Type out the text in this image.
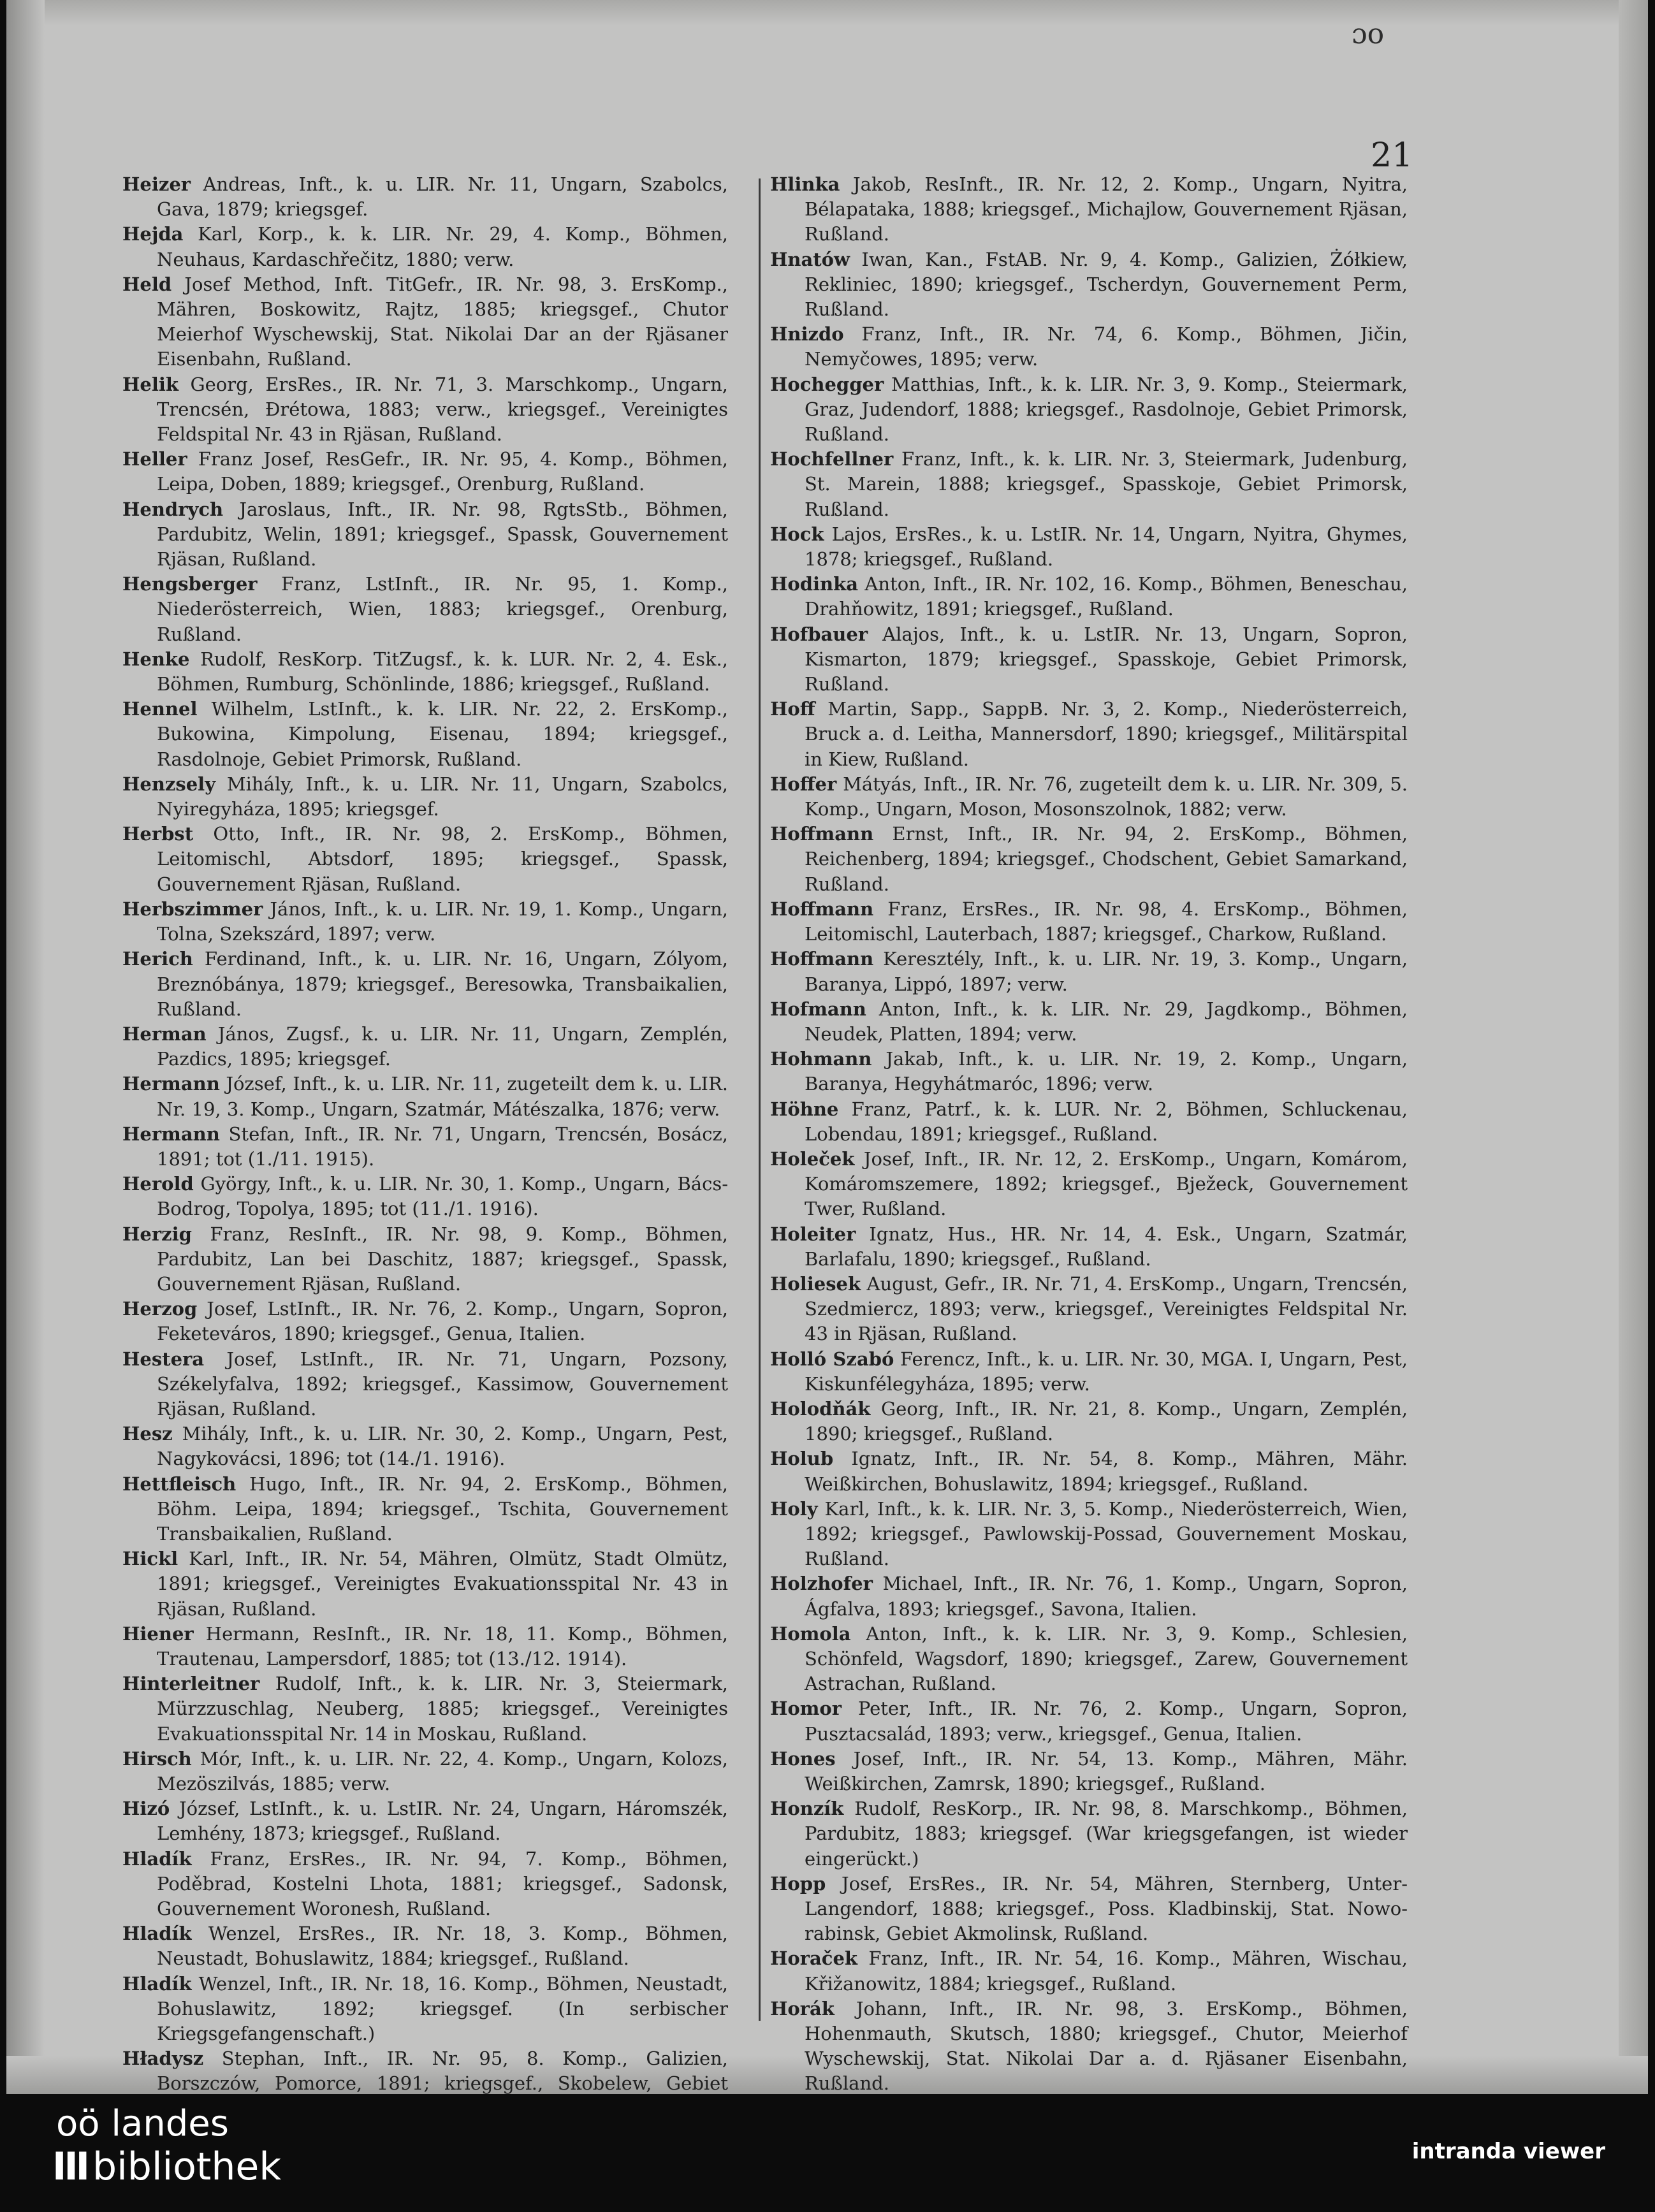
ɔo
21
Heizer Andreas, Inft., k. u. LIR. Nr. 11, Ungarn, Szabolcs, Gava, 1879; kriegsgef.
Hejda Karl, Korp., k. k. LIR. Nr. 29, 4. Komp., Böhmen, Neuhaus, Kardaschřečitz, 1880; verw.
Held Josef Method, Inft. TitGefr., IR. Nr. 98, 3. ErsKomp., Mähren, Boskowitz, Rajtz, 1885; kriegsgef., Chutor Meierhof Wyschewskij, Stat. Nikolai Dar an der Rjäsaner Eisenbahn, Rußland.
Helik Georg, ErsRes., IR. Nr. 71, 3. Marschkomp., Ungarn, Trencsén, Đrétowa, 1883; verw., kriegsgef., Vereinigtes Feldspital Nr. 43 in Rjäsan, Rußland.
Heller Franz Josef, ResGefr., IR. Nr. 95, 4. Komp., Böhmen, Leipa, Doben, 1889; kriegsgef., Orenburg, Rußland.
Hendrych Jaroslaus, Inft., IR. Nr. 98, RgtsStb., Böhmen, Pardubitz, Welin, 1891; kriegsgef., Spassk, Gouvernement Rjäsan, Rußland.
Hengsberger Franz, LstInft., IR. Nr. 95, 1. Komp., Niederösterreich, Wien, 1883; kriegsgef., Orenburg, Rußland.
Henke Rudolf, ResKorp. TitZugsf., k. k. LUR. Nr. 2, 4. Esk., Böhmen, Rumburg, Schönlinde, 1886; kriegsgef., Rußland.
Hennel Wilhelm, LstInft., k. k. LIR. Nr. 22, 2. ErsKomp., Bukowina, Kimpolung, Eisenau, 1894; kriegsgef., Rasdolnoje, Gebiet Primorsk, Rußland.
Henzsely Mihály, Inft., k. u. LIR. Nr. 11, Ungarn, Szabolcs, Nyiregyháza, 1895; kriegsgef.
Herbst Otto, Inft., IR. Nr. 98, 2. ErsKomp., Böhmen, Leitomischl, Abtsdorf, 1895; kriegsgef., Spassk, Gouvernement Rjäsan, Rußland.
Herbszimmer János, Inft., k. u. LIR. Nr. 19, 1. Komp., Ungarn, Tolna, Szekszárd, 1897; verw.
Herich Ferdinand, Inft., k. u. LIR. Nr. 16, Ungarn, Zólyom, Breznóbánya, 1879; kriegsgef., Beresowka, Transbaikalien, Rußland.
Herman János, Zugsf., k. u. LIR. Nr. 11, Ungarn, Zemplén, Pazdics, 1895; kriegsgef.
Hermann József, Inft., k. u. LIR. Nr. 11, zugeteilt dem k. u. LIR. Nr. 19, 3. Komp., Ungarn, Szatmár, Mátészalka, 1876; verw.
Hermann Stefan, Inft., IR. Nr. 71, Ungarn, Trencsén, Bosácz, 1891; tot (1./11. 1915).
Herold György, Inft., k. u. LIR. Nr. 30, 1. Komp., Ungarn, Bács-Bodrog, Topolya, 1895; tot (11./1. 1916).
Herzig Franz, ResInft., IR. Nr. 98, 9. Komp., Böhmen, Pardubitz, Lan bei Daschitz, 1887; kriegsgef., Spassk, Gouvernement Rjäsan, Rußland.
Herzog Josef, LstInft., IR. Nr. 76, 2. Komp., Ungarn, Sopron, Feketeváros, 1890; kriegsgef., Genua, Italien.
Hestera Josef, LstInft., IR. Nr. 71, Ungarn, Pozsony, Székelyfalva, 1892; kriegsgef., Kassimow, Gouvernement Rjäsan, Rußland.
Hesz Mihály, Inft., k. u. LIR. Nr. 30, 2. Komp., Ungarn, Pest, Nagykovácsi, 1896; tot (14./1. 1916).
Hettfleisch Hugo, Inft., IR. Nr. 94, 2. ErsKomp., Böhmen, Böhm. Leipa, 1894; kriegsgef., Tschita, Gouvernement Transbaikalien, Rußland.
Hickl Karl, Inft., IR. Nr. 54, Mähren, Olmütz, Stadt Olmütz, 1891; kriegsgef., Vereinigtes Evakuationsspital Nr. 43 in Rjäsan, Rußland.
Hiener Hermann, ResInft., IR. Nr. 18, 11. Komp., Böhmen, Trautenau, Lampersdorf, 1885; tot (13./12. 1914).
Hinterleitner Rudolf, Inft., k. k. LIR. Nr. 3, Steiermark, Mürzzuschlag, Neuberg, 1885; kriegsgef., Vereinigtes Evakuationsspital Nr. 14 in Moskau, Rußland.
Hirsch Mór, Inft., k. u. LIR. Nr. 22, 4. Komp., Ungarn, Kolozs, Mezöszilvás, 1885; verw.
Hizó József, LstInft., k. u. LstIR. Nr. 24, Ungarn, Háromszék, Lemhény, 1873; kriegsgef., Rußland.
Hladík Franz, ErsRes., IR. Nr. 94, 7. Komp., Böhmen, Poděbrad, Kostelni Lhota, 1881; kriegsgef., Sadonsk, Gouvernement Woronesh, Rußland.
Hladík Wenzel, ErsRes., IR. Nr. 18, 3. Komp., Böhmen, Neustadt, Bohuslawitz, 1884; kriegsgef., Rußland.
Hladík Wenzel, Inft., IR. Nr. 18, 16. Komp., Böhmen, Neustadt, Bohuslawitz, 1892; kriegsgef. (In serbischer Kriegsgefangenschaft.)
Hładysz Stephan, Inft., IR. Nr. 95, 8. Komp., Galizien, Borszczów, Pomorce, 1891; kriegsgef., Skobelew, Gebiet
Hlinka Jakob, ResInft., IR. Nr. 12, 2. Komp., Ungarn, Nyitra, Bélapataka, 1888; kriegsgef., Michajlow, Gouvernement Rjäsan, Rußland.
Hnatów Iwan, Kan., FstAB. Nr. 9, 4. Komp., Galizien, Żółkiew, Rekliniec, 1890; kriegsgef., Tscherdyn, Gouvernement Perm, Rußland.
Hnizdo Franz, Inft., IR. Nr. 74, 6. Komp., Böhmen, Jičin, Nemyčowes, 1895; verw.
Hochegger Matthias, Inft., k. k. LIR. Nr. 3, 9. Komp., Steiermark, Graz, Judendorf, 1888; kriegsgef., Rasdolnoje, Gebiet Primorsk, Rußland.
Hochfellner Franz, Inft., k. k. LIR. Nr. 3, Steiermark, Judenburg, St. Marein, 1888; kriegsgef., Spasskoje, Gebiet Primorsk, Rußland.
Hock Lajos, ErsRes., k. u. LstIR. Nr. 14, Ungarn, Nyitra, Ghymes, 1878; kriegsgef., Rußland.
Hodinka Anton, Inft., IR. Nr. 102, 16. Komp., Böhmen, Beneschau, Drahňowitz, 1891; kriegsgef., Rußland.
Hofbauer Alajos, Inft., k. u. LstIR. Nr. 13, Ungarn, Sopron, Kismarton, 1879; kriegsgef., Spasskoje, Gebiet Primorsk, Rußland.
Hoff Martin, Sapp., SappB. Nr. 3, 2. Komp., Niederösterreich, Bruck a. d. Leitha, Mannersdorf, 1890; kriegsgef., Militärspital in Kiew, Rußland.
Hoffer Mátyás, Inft., IR. Nr. 76, zugeteilt dem k. u. LIR. Nr. 309, 5. Komp., Ungarn, Moson, Mosonszolnok, 1882; verw.
Hoffmann Ernst, Inft., IR. Nr. 94, 2. ErsKomp., Böhmen, Reichenberg, 1894; kriegsgef., Chodschent, Gebiet Samarkand, Rußland.
Hoffmann Franz, ErsRes., IR. Nr. 98, 4. ErsKomp., Böhmen, Leitomischl, Lauterbach, 1887; kriegsgef., Charkow, Rußland.
Hoffmann Keresztély, Inft., k. u. LIR. Nr. 19, 3. Komp., Ungarn, Baranya, Lippó, 1897; verw.
Hofmann Anton, Inft., k. k. LIR. Nr. 29, Jagdkomp., Böhmen, Neudek, Platten, 1894; verw.
Hohmann Jakab, Inft., k. u. LIR. Nr. 19, 2. Komp., Ungarn, Baranya, Hegyhátmaróc, 1896; verw.
Höhne Franz, Patrf., k. k. LUR. Nr. 2, Böhmen, Schluckenau, Lobendau, 1891; kriegsgef., Rußland.
Holeček Josef, Inft., IR. Nr. 12, 2. ErsKomp., Ungarn, Komárom, Komáromszemere, 1892; kriegsgef., Bježeck, Gouvernement Twer, Rußland.
Holeiter Ignatz, Hus., HR. Nr. 14, 4. Esk., Ungarn, Szatmár, Barlafalu, 1890; kriegsgef., Rußland.
Holiesek August, Gefr., IR. Nr. 71, 4. ErsKomp., Ungarn, Trencsén, Szedmiercz, 1893; verw., kriegsgef., Vereinigtes Feldspital Nr. 43 in Rjäsan, Rußland.
Holló Szabó Ferencz, Inft., k. u. LIR. Nr. 30, MGA. I, Ungarn, Pest, Kiskunfélegyháza, 1895; verw.
Holodňák Georg, Inft., IR. Nr. 21, 8. Komp., Ungarn, Zemplén, 1890; kriegsgef., Rußland.
Holub Ignatz, Inft., IR. Nr. 54, 8. Komp., Mähren, Mähr. Weißkirchen, Bohuslawitz, 1894; kriegsgef., Rußland.
Holy Karl, Inft., k. k. LIR. Nr. 3, 5. Komp., Niederösterreich, Wien, 1892; kriegsgef., Pawlowskij-Possad, Gouvernement Moskau, Rußland.
Holzhofer Michael, Inft., IR. Nr. 76, 1. Komp., Ungarn, Sopron, Ágfalva, 1893; kriegsgef., Savona, Italien.
Homola Anton, Inft., k. k. LIR. Nr. 3, 9. Komp., Schlesien, Schönfeld, Wagsdorf, 1890; kriegsgef., Zarew, Gouvernement Astrachan, Rußland.
Homor Peter, Inft., IR. Nr. 76, 2. Komp., Ungarn, Sopron, Pusztacsalád, 1893; verw., kriegsgef., Genua, Italien.
Hones Josef, Inft., IR. Nr. 54, 13. Komp., Mähren, Mähr. Weißkirchen, Zamrsk, 1890; kriegsgef., Rußland.
Honzík Rudolf, ResKorp., IR. Nr. 98, 8. Marschkomp., Böhmen, Pardubitz, 1883; kriegsgef. (War kriegsgefangen, ist wieder eingerückt.)
Hopp Josef, ErsRes., IR. Nr. 54, Mähren, Sternberg, Unter-Langendorf, 1888; kriegsgef., Poss. Kladbinskij, Stat. Nowo-rabinsk, Gebiet Akmolinsk, Rußland.
Horaček Franz, Inft., IR. Nr. 54, 16. Komp., Mähren, Wischau, Křižanowitz, 1884; kriegsgef., Rußland.
Horák Johann, Inft., IR. Nr. 98, 3. ErsKomp., Böhmen, Hohenmauth, Skutsch, 1880; kriegsgef., Chutor, Meierhof Wyschewskij, Stat. Nikolai Dar a. d. Rjäsaner Eisenbahn, Rußland.
oö landes
III bibliothek	intranda viewer
